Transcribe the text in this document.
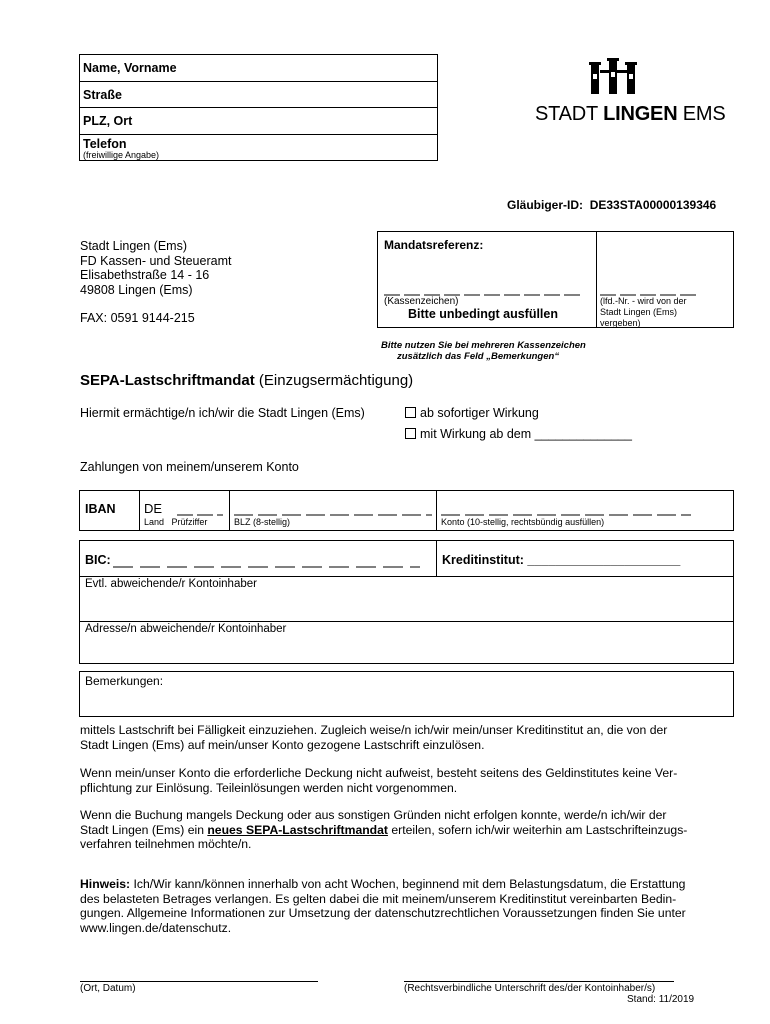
Name, Vorname
Straße
PLZ, Ort
Telefon
(freiwillige Angabe)
STADT LINGEN EMS
Gläubiger-ID: DE33STA00000139346
Stadt Lingen (Ems)
FD Kassen- und Steueramt
Elisabethstraße 14 - 16
49808 Lingen (Ems)
FAX: 0591 9144-215
Mandatsreferenz:
(Kassenzeichen)
Bitte unbedingt ausfüllen
(lfd.-Nr. - wird von der
Stadt Lingen (Ems)
vergeben)
Bitte nutzen Sie bei mehreren Kassenzeichen
zusätzlich das Feld „Bemerkungen“
SEPA-Lastschriftmandat (Einzugsermächtigung)
Hiermit ermächtige/n ich/wir die Stadt Lingen (Ems)	ab sofortiger Wirkung
mit Wirkung ab dem ______________
Zahlungen von meinem/unserem Konto
IBAN DE
Land Prüfziffer	BLZ (8-stellig)	Konto (10-stellig, rechtsbündig ausfüllen)
BIC:	Kreditinstitut: ______________________
Evtl. abweichende/r Kontoinhaber
Adresse/n abweichende/r Kontoinhaber
Bemerkungen:
mittels Lastschrift bei Fälligkeit einzuziehen. Zugleich weise/n ich/wir mein/unser Kreditinstitut an, die von der
Stadt Lingen (Ems) auf mein/unser Konto gezogene Lastschrift einzulösen.
Wenn mein/unser Konto die erforderliche Deckung nicht aufweist, besteht seitens des Geldinstitutes keine Ver-
pflichtung zur Einlösung. Teileinlösungen werden nicht vorgenommen.
Wenn die Buchung mangels Deckung oder aus sonstigen Gründen nicht erfolgen konnte, werde/n ich/wir der
Stadt Lingen (Ems) ein neues SEPA-Lastschriftmandat erteilen, sofern ich/wir weiterhin am Lastschrifteinzugs-
verfahren teilnehmen möchte/n.
Hinweis: Ich/Wir kann/können innerhalb von acht Wochen, beginnend mit dem Belastungsdatum, die Erstattung
des belasteten Betrages verlangen. Es gelten dabei die mit meinem/unserem Kreditinstitut vereinbarten Bedin-
gungen. Allgemeine Informationen zur Umsetzung der datenschutzrechtlichen Voraussetzungen finden Sie unter
www.lingen.de/datenschutz.
(Ort, Datum)	(Rechtsverbindliche Unterschrift des/der Kontoinhaber/s)
Stand: 11/2019
